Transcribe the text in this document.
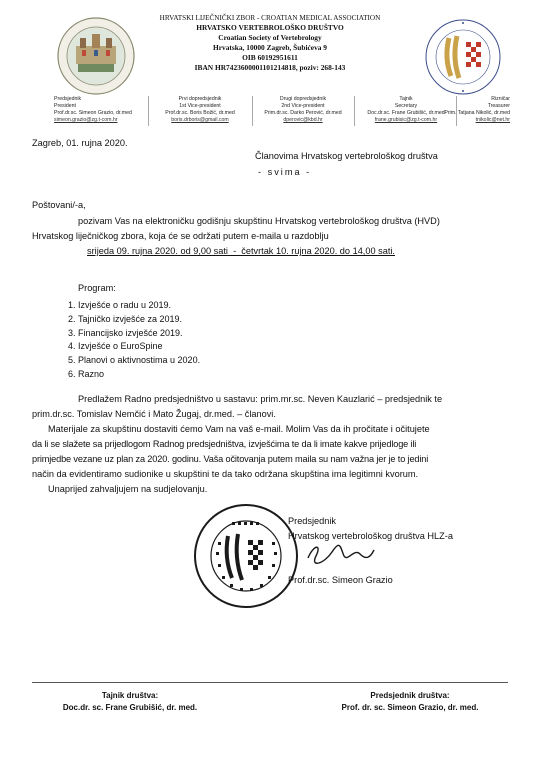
HRVATSKI LIJEČNIČKI ZBOR - CROATIAN MEDICAL ASSOCIATION
HRVATSKO VERTEBROLOŠKO DRUŠTVO
Croatian Society of Vertebrology
Hrvatska, 10000 Zagreb, Šubićeva 9
OIB 60192951611
IBAN HR7423600001101214818, poziv: 268-143
Predsjednik
President
Prof.dr.sc. Simeon Grazio, dr.med
simeon.grazio@zg.t-com.hr
Prvi dopredsjednik
1st Vice-president
Prof.dr.sc. Boris Božić, dr.med
boris.drboris@gmail.com
Drugi dopredsjednik
2nd Vice-president
Prim.dr.sc. Darko Perović, dr.med
dperovic@kbd.hr
Tajnik
Secretary
Doc.dr.sc. Frane Grubišić, dr.med
frane.grubisic@zg.t-com.hr
Rizničar
Treasurer
Prim. Tatjana Nikolić, dr.med
tnikolic@net.hr
Zagreb, 01. rujna 2020.
Članovima Hrvatskog vertebrološkog društva
- svima -
Poštovani/-a,
pozivam Vas na elektroničku godišnju skupštinu Hrvatskog vertebrološkog društva (HVD)
Hrvatskog liječničkog zbora, koja će se održati putem e-maila u razdoblju
srijeda 09. rujna 2020. od 9,00 sati  -  četvrtak 10. rujna 2020. do 14,00 sati.
Program:
1. Izvješće o radu u 2019.
2. Tajničko izvješće za 2019.
3. Financijsko izvješće 2019.
4. Izvješće o EuroSpine
5. Planovi o aktivnostima u 2020.
6. Razno
Predlažem Radno predsjedništvo u sastavu: prim.mr.sc. Neven Kauzlarić – predsjednik te
prim.dr.sc. Tomislav Nemčić i Mato Žugaj, dr.med. – članovi.
Materijale za skupštinu dostaviti ćemo Vam na vaš e-mail. Molim Vas da ih pročitate i očitujete
da li se slažete sa prijedlogom Radnog predsjedništva, izvješćima te da li imate kakve prijedloge ili
primjedbe vezane uz plan za 2020. godinu. Vaša očitovanja putem maila su nam važna jer je to jedini
način da evidentiramo sudionike u skupštini te da tako održana skupština ima legitimni kvorum.
Unaprijed zahvaljujem na sudjelovanju.
Predsjednik
Hrvatskog vertebrološkog društva HLZ-a
Prof.dr.sc. Simeon Grazio
Tajnik društva:
Doc.dr. sc. Frane Grubišić, dr. med.
Predsjednik društva:
Prof. dr. sc. Simeon Grazio, dr. med.
